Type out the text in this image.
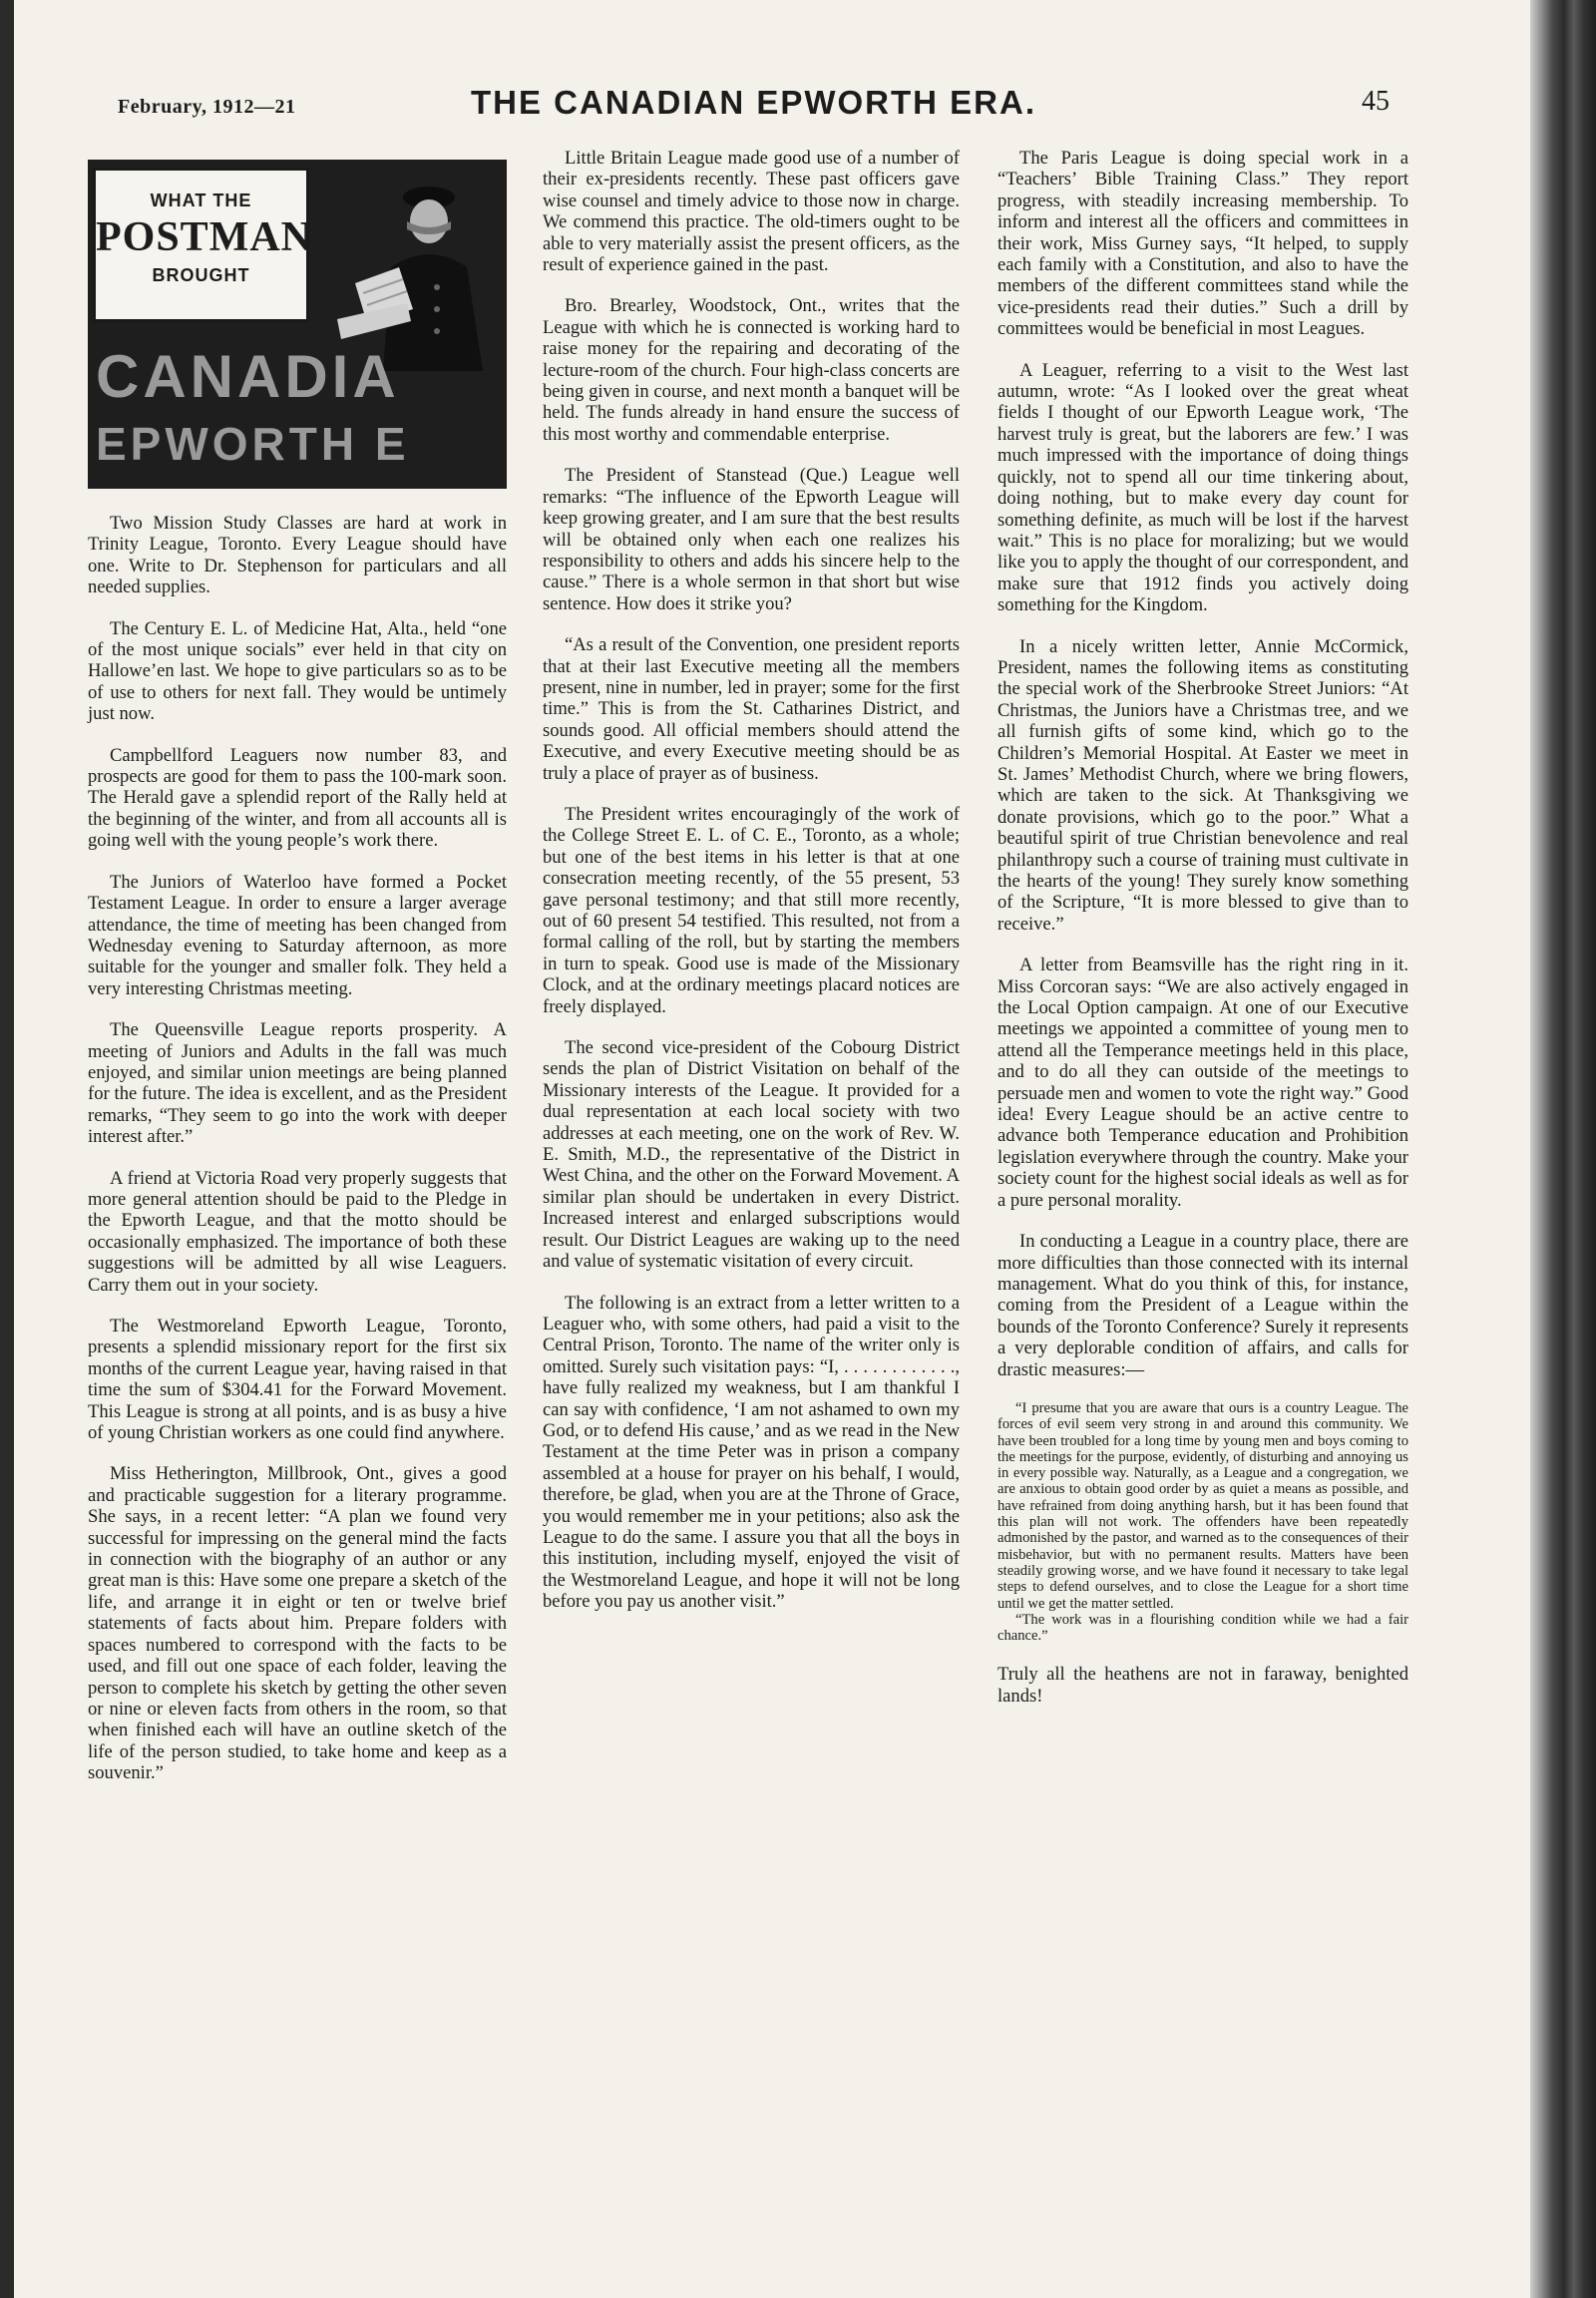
February, 1912—21	THE CANADIAN EPWORTH ERA.	45
CANADIA
EPWORTH E
WHAT THE
POSTMAN
BROUGHT

Two Mission Study Classes are hard at work in Trinity League, Toronto. Every League should have one. Write to Dr. Stephenson for particulars and all needed supplies.

The Century E. L. of Medicine Hat, Alta., held “one of the most unique socials” ever held in that city on Hallowe’en last. We hope to give particulars so as to be of use to others for next fall. They would be untimely just now.

Campbellford Leaguers now number 83, and prospects are good for them to pass the 100-mark soon. The Herald gave a splendid report of the Rally held at the beginning of the winter, and from all accounts all is going well with the young people’s work there.

The Juniors of Waterloo have formed a Pocket Testament League. In order to ensure a larger average attendance, the time of meeting has been changed from Wednesday evening to Saturday afternoon, as more suitable for the younger and smaller folk. They held a very interesting Christmas meeting.

The Queensville League reports prosperity. A meeting of Juniors and Adults in the fall was much enjoyed, and similar union meetings are being planned for the future. The idea is excellent, and as the President remarks, “They seem to go into the work with deeper interest after.”

A friend at Victoria Road very properly suggests that more general attention should be paid to the Pledge in the Epworth League, and that the motto should be occasionally emphasized. The importance of both these suggestions will be admitted by all wise Leaguers. Carry them out in your society.

The Westmoreland Epworth League, Toronto, presents a splendid missionary report for the first six months of the current League year, having raised in that time the sum of $304.41 for the Forward Movement. This League is strong at all points, and is as busy a hive of young Christian workers as one could find anywhere.

Miss Hetherington, Millbrook, Ont., gives a good and practicable suggestion for a literary programme. She says, in a recent letter: “A plan we found very successful for impressing on the general mind the facts in connection with the biography of an author or any great man is this: Have some one prepare a sketch of the life, and arrange it in eight or ten or twelve brief statements of facts about him. Prepare folders with spaces numbered to correspond with the facts to be used, and fill out one space of each folder, leaving the person to complete his sketch by getting the other seven or nine or eleven facts from others in the room, so that when finished each will have an outline sketch of the life of the person studied, to take home and keep as a souvenir.”

Little Britain League made good use of a number of their ex-presidents recently. These past officers gave wise counsel and timely advice to those now in charge. We commend this practice. The old-timers ought to be able to very materially assist the present officers, as the result of experience gained in the past.

Bro. Brearley, Woodstock, Ont., writes that the League with which he is connected is working hard to raise money for the repairing and decorating of the lecture-room of the church. Four high-class concerts are being given in course, and next month a banquet will be held. The funds already in hand ensure the success of this most worthy and commendable enterprise.

The President of Stanstead (Que.) League well remarks: “The influence of the Epworth League will keep growing greater, and I am sure that the best results will be obtained only when each one realizes his responsibility to others and adds his sincere help to the cause.” There is a whole sermon in that short but wise sentence. How does it strike you?

“As a result of the Convention, one president reports that at their last Executive meeting all the members present, nine in number, led in prayer; some for the first time.” This is from the St. Catharines District, and sounds good. All official members should attend the Executive, and every Executive meeting should be as truly a place of prayer as of business.

The President writes encouragingly of the work of the College Street E. L. of C. E., Toronto, as a whole; but one of the best items in his letter is that at one consecration meeting recently, of the 55 present, 53 gave personal testimony; and that still more recently, out of 60 present 54 testified. This resulted, not from a formal calling of the roll, but by starting the members in turn to speak. Good use is made of the Missionary Clock, and at the ordinary meetings placard notices are freely displayed.

The second vice-president of the Cobourg District sends the plan of District Visitation on behalf of the Missionary interests of the League. It provided for a dual representation at each local society with two addresses at each meeting, one on the work of Rev. W. E. Smith, M.D., the representative of the District in West China, and the other on the Forward Movement. A similar plan should be undertaken in every District. Increased interest and enlarged subscriptions would result. Our District Leagues are waking up to the need and value of systematic visitation of every circuit.

The following is an extract from a letter written to a Leaguer who, with some others, had paid a visit to the Central Prison, Toronto. The name of the writer only is omitted. Surely such visitation pays: “I, . . . . . . . . . . . ., have fully realized my weakness, but I am thankful I can say with confidence, ‘I am not ashamed to own my God, or to defend His cause,’ and as we read in the New Testament at the time Peter was in prison a company assembled at a house for prayer on his behalf, I would, therefore, be glad, when you are at the Throne of Grace, you would remember me in your petitions; also ask the League to do the same. I assure you that all the boys in this institution, including myself, enjoyed the visit of the Westmoreland League, and hope it will not be long before you pay us another visit.”

The Paris League is doing special work in a “Teachers’ Bible Training Class.” They report progress, with steadily increasing membership. To inform and interest all the officers and committees in their work, Miss Gurney says, “It helped, to supply each family with a Constitution, and also to have the members of the different committees stand while the vice-presidents read their duties.” Such a drill by committees would be beneficial in most Leagues.

A Leaguer, referring to a visit to the West last autumn, wrote: “As I looked over the great wheat fields I thought of our Epworth League work, ‘The harvest truly is great, but the laborers are few.’ I was much impressed with the importance of doing things quickly, not to spend all our time tinkering about, doing nothing, but to make every day count for something definite, as much will be lost if the harvest wait.” This is no place for moralizing; but we would like you to apply the thought of our correspondent, and make sure that 1912 finds you actively doing something for the Kingdom.

In a nicely written letter, Annie McCormick, President, names the following items as constituting the special work of the Sherbrooke Street Juniors: “At Christmas, the Juniors have a Christmas tree, and we all furnish gifts of some kind, which go to the Children’s Memorial Hospital. At Easter we meet in St. James’ Methodist Church, where we bring flowers, which are taken to the sick. At Thanksgiving we donate provisions, which go to the poor.” What a beautiful spirit of true Christian benevolence and real philanthropy such a course of training must cultivate in the hearts of the young! They surely know something of the Scripture, “It is more blessed to give than to receive.”

A letter from Beamsville has the right ring in it. Miss Corcoran says: “We are also actively engaged in the Local Option campaign. At one of our Executive meetings we appointed a committee of young men to attend all the Temperance meetings held in this place, and to do all they can outside of the meetings to persuade men and women to vote the right way.” Good idea! Every League should be an active centre to advance both Temperance education and Prohibition legislation everywhere through the country. Make your society count for the highest social ideals as well as for a pure personal morality.

In conducting a League in a country place, there are more difficulties than those connected with its internal management. What do you think of this, for instance, coming from the President of a League within the bounds of the Toronto Conference? Surely it represents a very deplorable condition of affairs, and calls for drastic measures:—

“I presume that you are aware that ours is a country League. The forces of evil seem very strong in and around this community. We have been troubled for a long time by young men and boys coming to the meetings for the purpose, evidently, of disturbing and annoying us in every possible way. Naturally, as a League and a congregation, we are anxious to obtain good order by as quiet a means as possible, and have refrained from doing anything harsh, but it has been found that this plan will not work. The offenders have been repeatedly admonished by the pastor, and warned as to the consequences of their misbehavior, but with no permanent results. Matters have been steadily growing worse, and we have found it necessary to take legal steps to defend ourselves, and to close the League for a short time until we get the matter settled.

“The work was in a flourishing condition while we had a fair chance.”

Truly all the heathens are not in faraway, benighted lands!
